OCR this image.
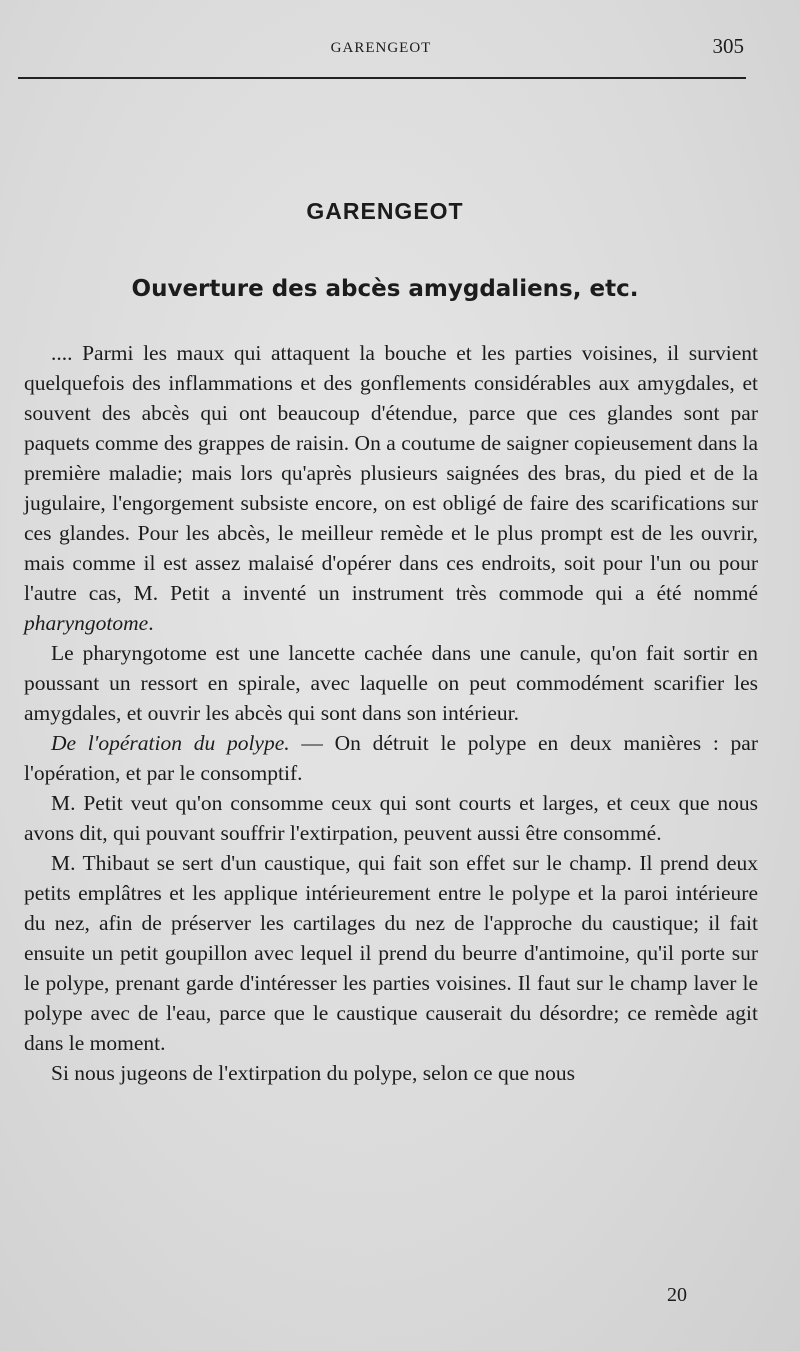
GARENGEOT	305
GARENGEOT
Ouverture des abcès amygdaliens, etc.

.... Parmi les maux qui attaquent la bouche et les parties voisines, il survient quelquefois des inflammations et des gonflements considérables aux amygdales, et souvent des abcès qui ont beaucoup d'étendue, parce que ces glandes sont par paquets comme des grappes de raisin. On a coutume de saigner copieusement dans la première maladie; mais lors qu'après plusieurs saignées des bras, du pied et de la jugulaire, l'engorgement subsiste encore, on est obligé de faire des scarifications sur ces glandes. Pour les abcès, le meilleur remède et le plus prompt est de les ouvrir, mais comme il est assez malaisé d'opérer dans ces endroits, soit pour l'un ou pour l'autre cas, M. Petit a inventé un instrument très commode qui a été nommé pharyngotome.

Le pharyngotome est une lancette cachée dans une canule, qu'on fait sortir en poussant un ressort en spirale, avec laquelle on peut commodément scarifier les amygdales, et ouvrir les abcès qui sont dans son intérieur.

De l'opération du polype. — On détruit le polype en deux manières : par l'opération, et par le consomptif.

M. Petit veut qu'on consomme ceux qui sont courts et larges, et ceux que nous avons dit, qui pouvant souffrir l'extirpation, peuvent aussi être consommé.

M. Thibaut se sert d'un caustique, qui fait son effet sur le champ. Il prend deux petits emplâtres et les applique intérieurement entre le polype et la paroi intérieure du nez, afin de préserver les cartilages du nez de l'approche du caustique; il fait ensuite un petit goupillon avec lequel il prend du beurre d'antimoine, qu'il porte sur le polype, prenant garde d'intéresser les parties voisines. Il faut sur le champ laver le polype avec de l'eau, parce que le caustique causerait du désordre; ce remède agit dans le moment.

Si nous jugeons de l'extirpation du polype, selon ce que nous

20
